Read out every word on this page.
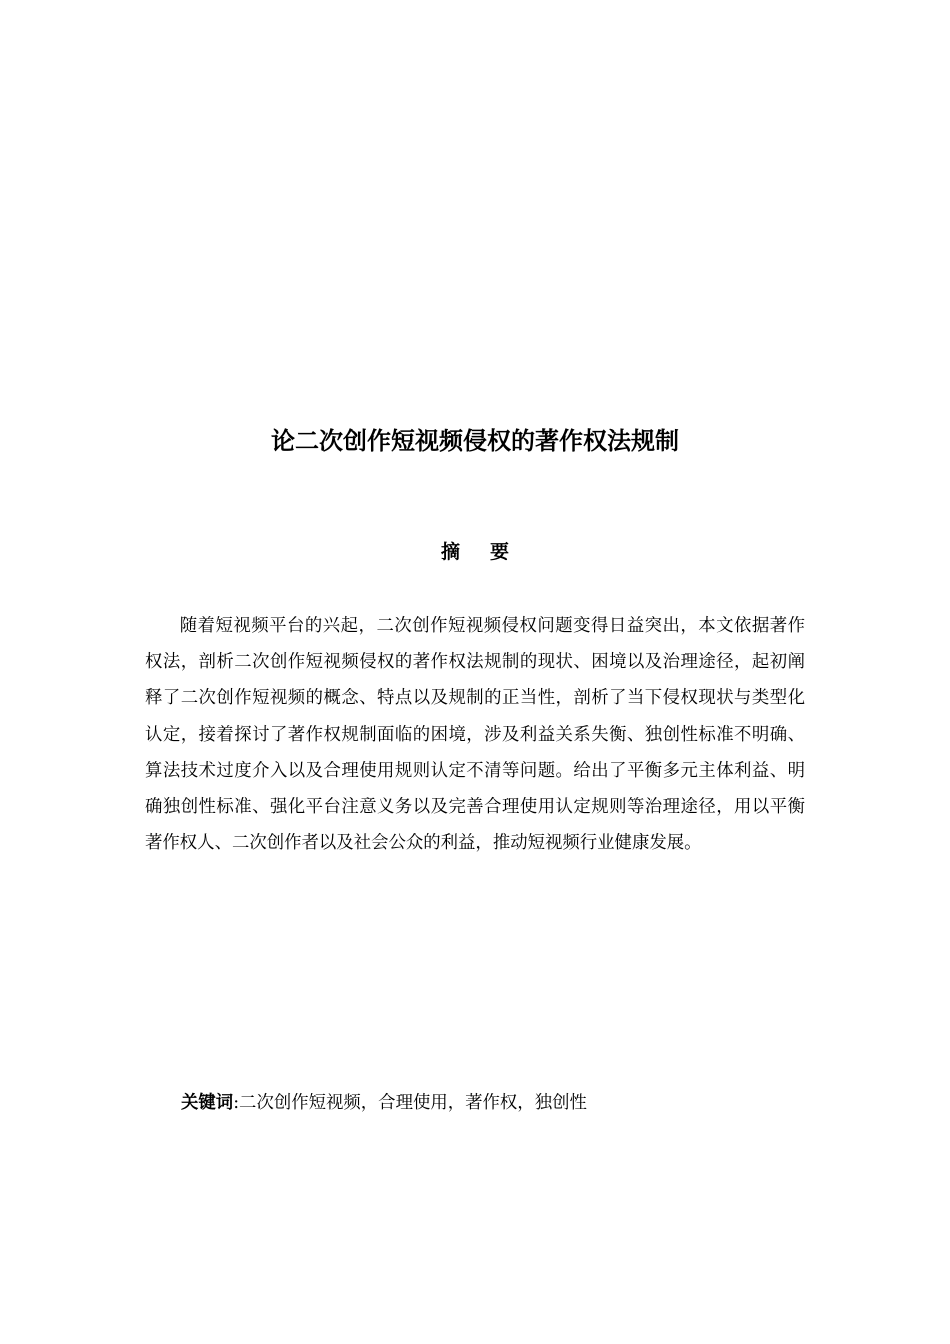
论二次创作短视频侵权的著作权法规制
摘要

随着短视频平台的兴起，二次创作短视频侵权问题变得日益突出，本文依据著作权法，剖析二次创作短视频侵权的著作权法规制的现状、困境以及治理途径，起初阐释了二次创作短视频的概念、特点以及规制的正当性，剖析了当下侵权现状与类型化认定，接着探讨了著作权规制面临的困境，涉及利益关系失衡、独创性标准不明确、算法技术过度介入以及合理使用规则认定不清等问题。给出了平衡多元主体利益、明确独创性标准、强化平台注意义务以及完善合理使用认定规则等治理途径，用以平衡著作权人、二次创作者以及社会公众的利益，推动短视频行业健康发展。

关键词:二次创作短视频，合理使用，著作权，独创性
